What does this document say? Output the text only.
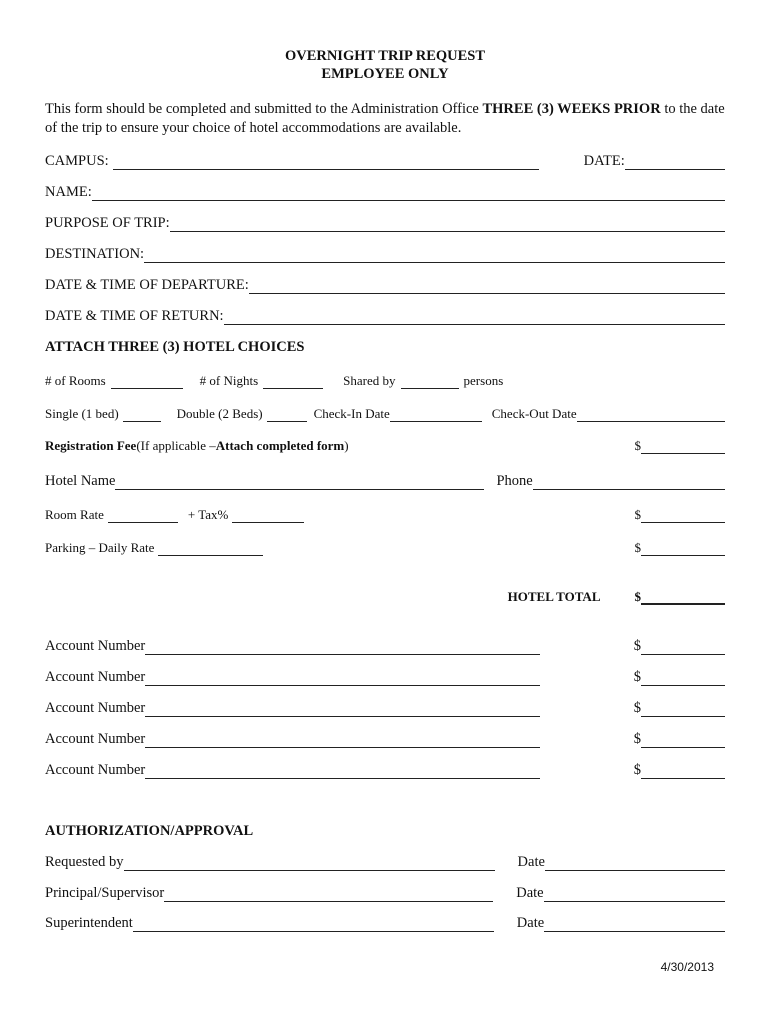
OVERNIGHT TRIP REQUEST
EMPLOYEE ONLY
This form should be completed and submitted to the Administration Office THREE (3) WEEKS PRIOR to the date of the trip to ensure your choice of hotel accommodations are available.
CAMPUS:	DATE:
NAME:
PURPOSE OF TRIP:
DESTINATION:
DATE & TIME OF DEPARTURE:
DATE & TIME OF RETURN:
ATTACH THREE (3) HOTEL CHOICES
# of Rooms	# of Nights	Shared by	persons
Single (1 bed)	Double (2 Beds)	Check-In Date	Check-Out Date
Registration Fee (If applicable – Attach completed form )	$
Hotel Name	Phone
Room Rate	+ Tax%	$
Parking – Daily Rate	$
HOTEL TOTAL	$
Account Number	$
Account Number	$
Account Number	$
Account Number	$
Account Number	$
AUTHORIZATION/APPROVAL
Requested by	Date
Principal/Supervisor	Date
Superintendent	Date
4/30/2013
